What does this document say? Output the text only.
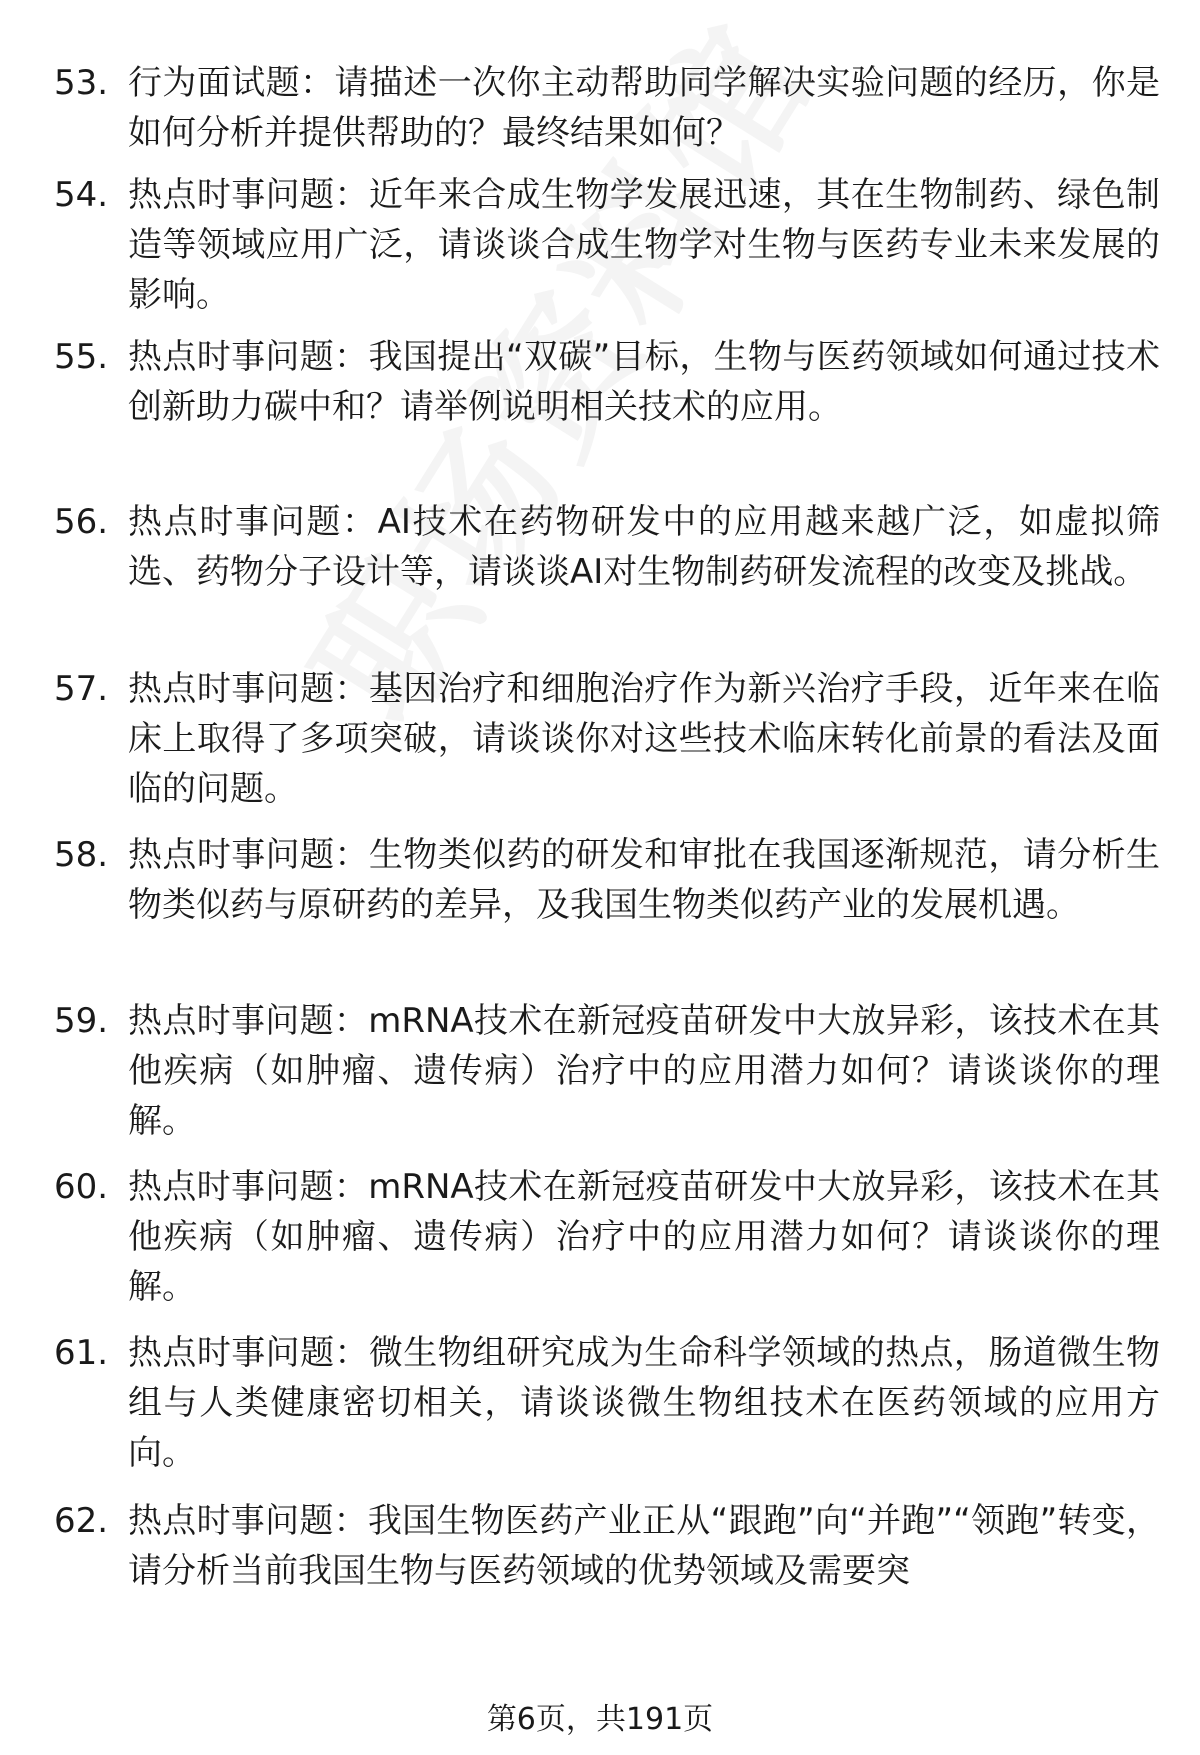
53. 行为面试题：请描述一次你主动帮助同学解决实验问题的经历，你是如何分析并提供帮助的？最终结果如何？
54. 热点时事问题：近年来合成生物学发展迅速，其在生物制药、绿色制造等领域应用广泛，请谈谈合成生物学对生物与医药专业未来发展的影响。
55. 热点时事问题：我国提出“双碳”目标，生物与医药领域如何通过技术创新助力碳中和？请举例说明相关技术的应用。
56. 热点时事问题：AI技术在药物研发中的应用越来越广泛，如虚拟筛选、药物分子设计等，请谈谈AI对生物制药研发流程的改变及挑战。
57. 热点时事问题：基因治疗和细胞治疗作为新兴治疗手段，近年来在临床上取得了多项突破，请谈谈你对这些技术临床转化前景的看法及面临的问题。
58. 热点时事问题：生物类似药的研发和审批在我国逐渐规范，请分析生物类似药与原研药的差异，及我国生物类似药产业的发展机遇。
59. 热点时事问题：mRNA技术在新冠疫苗研发中大放异彩，该技术在其他疾病（如肿瘤、遗传病）治疗中的应用潜力如何？请谈谈你的理解。
60. 热点时事问题：mRNA技术在新冠疫苗研发中大放异彩，该技术在其他疾病（如肿瘤、遗传病）治疗中的应用潜力如何？请谈谈你的理解。
61. 热点时事问题：微生物组研究成为生命科学领域的热点，肠道微生物组与人类健康密切相关，请谈谈微生物组技术在医药领域的应用方向。
62. 热点时事问题：我国生物医药产业正从“跟跑”向“并跑”“领跑”转变，请分析当前我国生物与医药领域的优势领域及需要突
第6页，共191页
